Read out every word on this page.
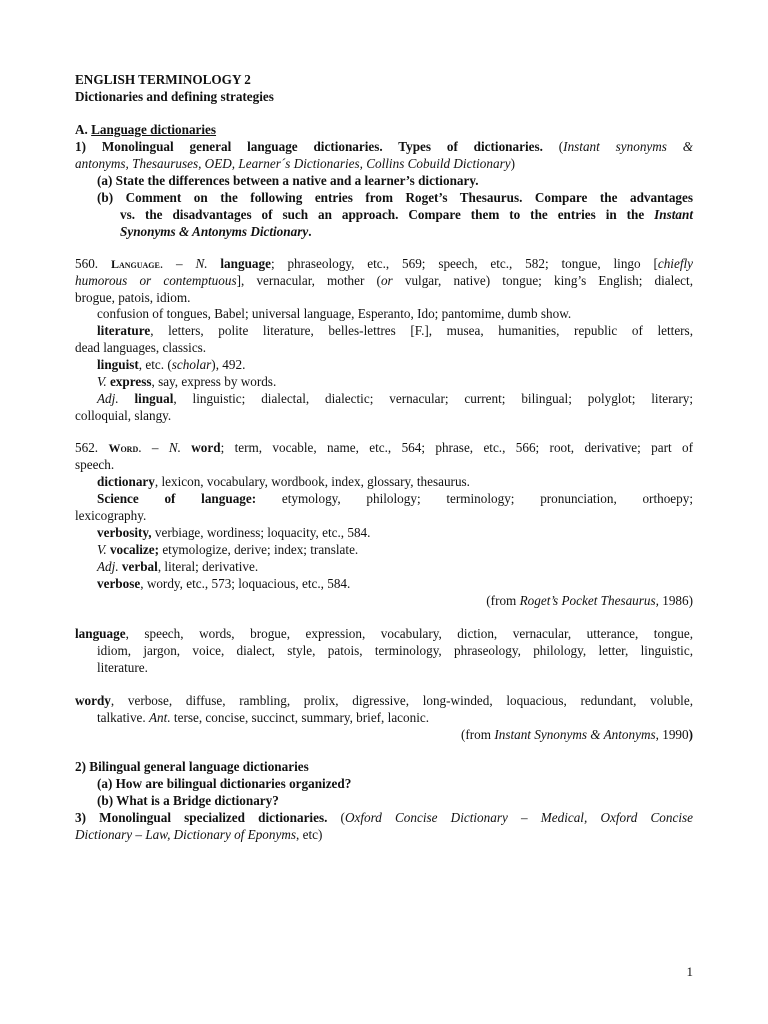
ENGLISH TERMINOLOGY 2
Dictionaries and defining strategies
A. Language dictionaries
1) Monolingual general language dictionaries. Types of dictionaries. (Instant synonyms &
antonyms, Thesauruses, OED, Learner´s Dictionaries, Collins Cobuild Dictionary)
(a) State the differences between a native and a learner’s dictionary.
(b) Comment on the following entries from Roget’s Thesaurus. Compare the advantages
vs. the disadvantages of such an approach. Compare them to the entries in the Instant
Synonyms & Antonyms Dictionary.
560. Language. – N. language; phraseology, etc., 569; speech, etc., 582; tongue, lingo [chiefly
humorous or contemptuous], vernacular, mother (or vulgar, native) tongue; king’s English; dialect,
brogue, patois, idiom.
confusion of tongues, Babel; universal language, Esperanto, Ido; pantomime, dumb show.
literature, letters, polite literature, belles-lettres [F.], musea, humanities, republic of letters,
dead languages, classics.
linguist, etc. (scholar), 492.
V. express, say, express by words.
Adj. lingual, linguistic; dialectal, dialectic; vernacular; current; bilingual; polyglot; literary;
colloquial, slangy.
562. Word. – N. word; term, vocable, name, etc., 564; phrase, etc., 566; root, derivative; part of
speech.
dictionary, lexicon, vocabulary, wordbook, index, glossary, thesaurus.
Science of language: etymology, philology; terminology; pronunciation, orthoepy;
lexicography.
verbosity, verbiage, wordiness; loquacity, etc., 584.
V. vocalize; etymologize, derive; index; translate.
Adj. verbal, literal; derivative.
verbose, wordy, etc., 573; loquacious, etc., 584.
(from Roget’s Pocket Thesaurus, 1986)
language, speech, words, brogue, expression, vocabulary, diction, vernacular, utterance, tongue,
idiom, jargon, voice, dialect, style, patois, terminology, phraseology, philology, letter, linguistic,
literature.
wordy, verbose, diffuse, rambling, prolix, digressive, long-winded, loquacious, redundant, voluble,
talkative. Ant. terse, concise, succinct, summary, brief, laconic.
(from Instant Synonyms & Antonyms, 1990)
2) Bilingual general language dictionaries
(a) How are bilingual dictionaries organized?
(b) What is a Bridge dictionary?
3) Monolingual specialized dictionaries. (Oxford Concise Dictionary – Medical, Oxford Concise
Dictionary – Law, Dictionary of Eponyms, etc)
1
